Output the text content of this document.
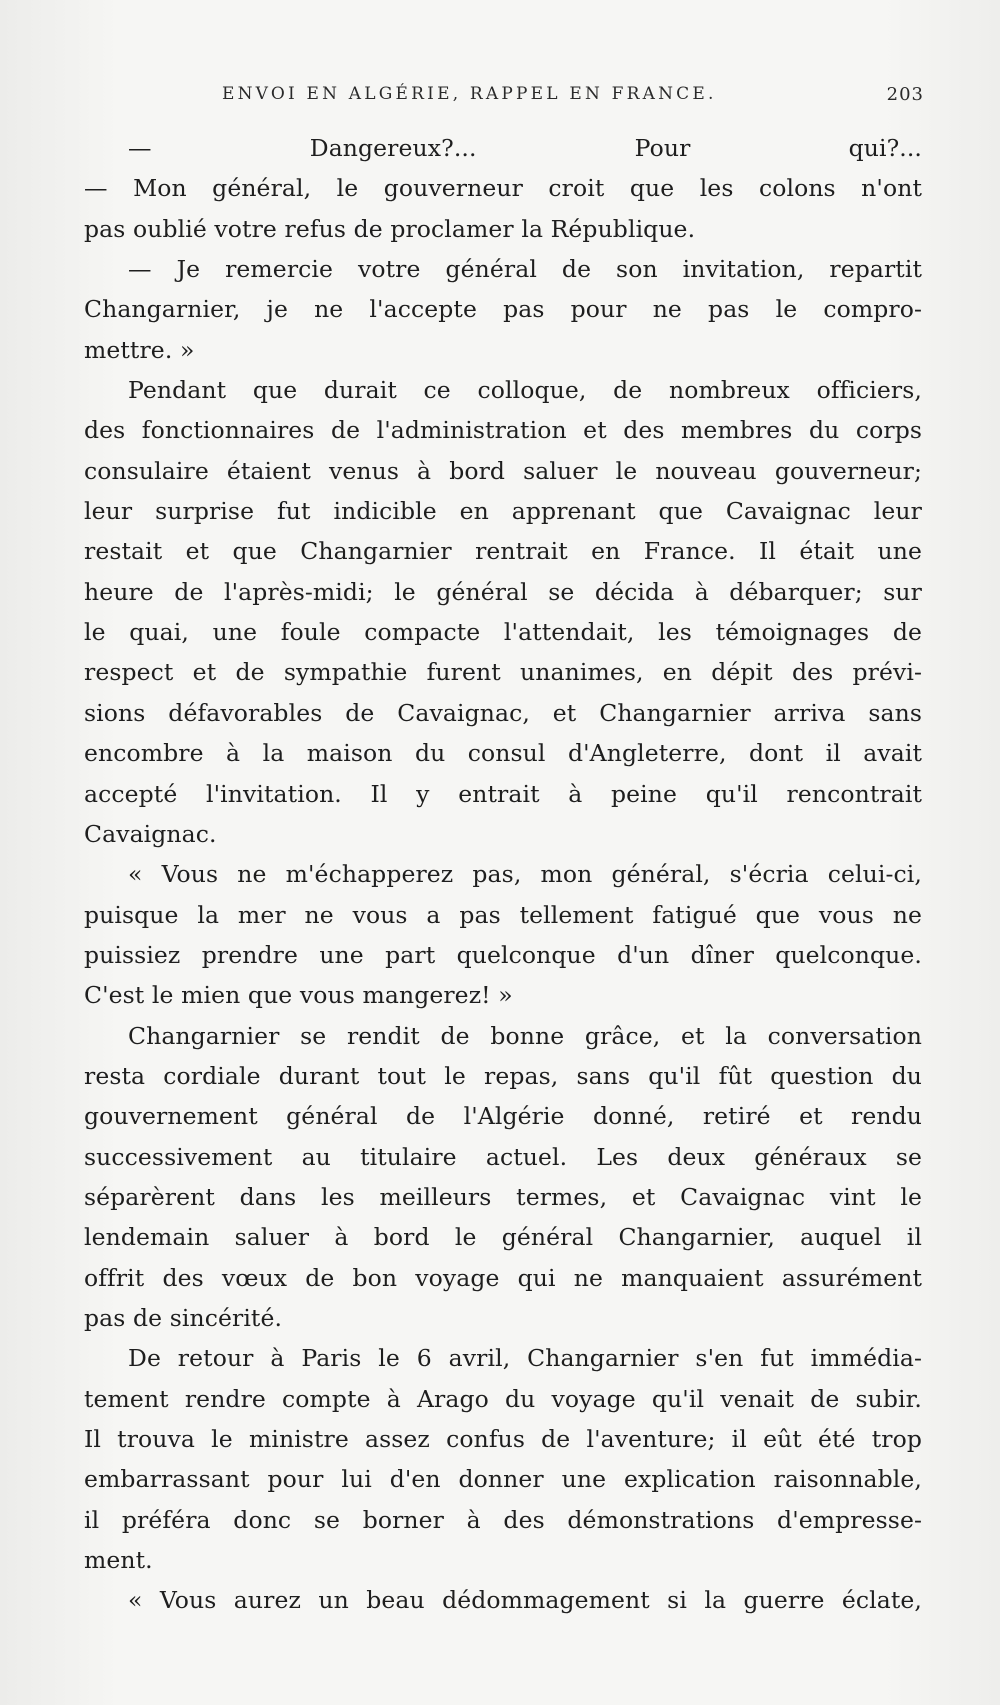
ENVOI EN ALGÉRIE, RAPPEL EN FRANCE.	203
— Dangereux?... Pour qui?...
— Mon général, le gouverneur croit que les colons n'ont
pas oublié votre refus de proclamer la République.
— Je remercie votre général de son invitation, repartit
Changarnier, je ne l'accepte pas pour ne pas le compro-
mettre. »
Pendant que durait ce colloque, de nombreux officiers,
des fonctionnaires de l'administration et des membres du corps
consulaire étaient venus à bord saluer le nouveau gouverneur;
leur surprise fut indicible en apprenant que Cavaignac leur
restait et que Changarnier rentrait en France. Il était une
heure de l'après-midi; le général se décida à débarquer; sur
le quai, une foule compacte l'attendait, les témoignages de
respect et de sympathie furent unanimes, en dépit des prévi-
sions défavorables de Cavaignac, et Changarnier arriva sans
encombre à la maison du consul d'Angleterre, dont il avait
accepté l'invitation. Il y entrait à peine qu'il rencontrait
Cavaignac.
« Vous ne m'échapperez pas, mon général, s'écria celui-ci,
puisque la mer ne vous a pas tellement fatigué que vous ne
puissiez prendre une part quelconque d'un dîner quelconque.
C'est le mien que vous mangerez! »
Changarnier se rendit de bonne grâce, et la conversation
resta cordiale durant tout le repas, sans qu'il fût question du
gouvernement général de l'Algérie donné, retiré et rendu
successivement au titulaire actuel. Les deux généraux se
séparèrent dans les meilleurs termes, et Cavaignac vint le
lendemain saluer à bord le général Changarnier, auquel il
offrit des vœux de bon voyage qui ne manquaient assurément
pas de sincérité.
De retour à Paris le 6 avril, Changarnier s'en fut immédia-
tement rendre compte à Arago du voyage qu'il venait de subir.
Il trouva le ministre assez confus de l'aventure; il eût été trop
embarrassant pour lui d'en donner une explication raisonnable,
il préféra donc se borner à des démonstrations d'empresse-
ment.
« Vous aurez un beau dédommagement si la guerre éclate,
